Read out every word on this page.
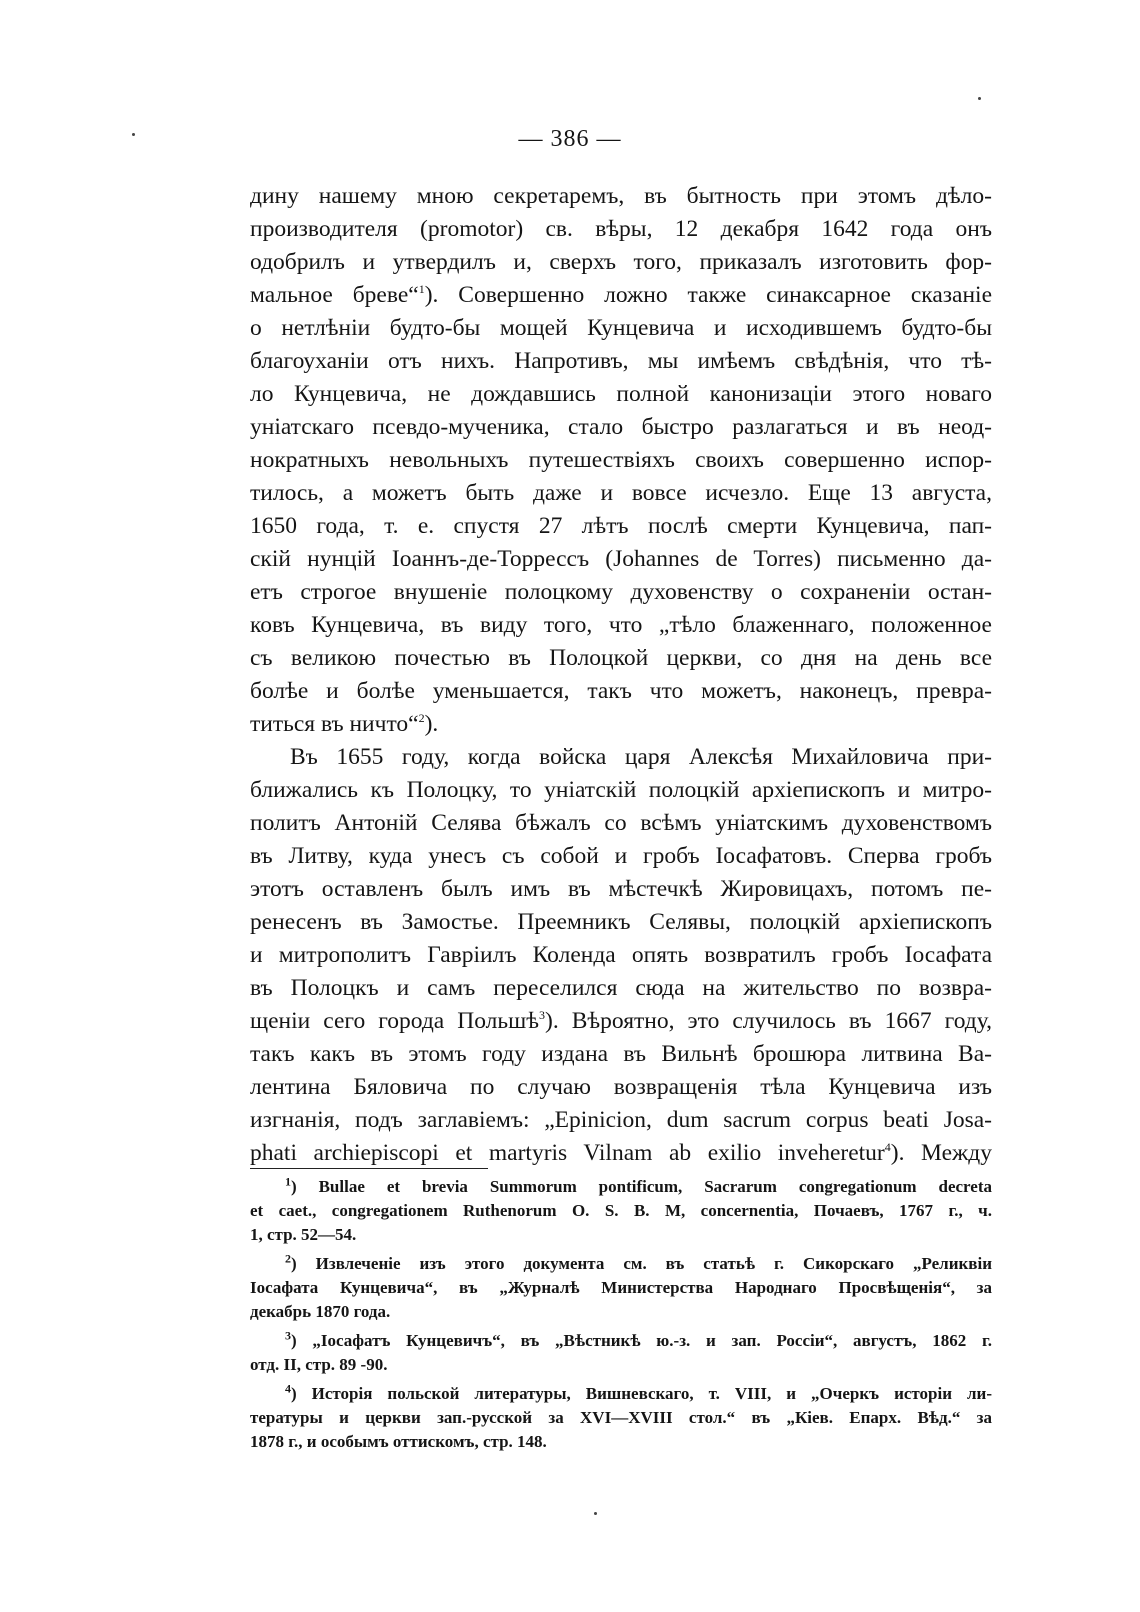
— 386 —
дину нашему мною секретаремъ, въ бытность при этомъ дѣло-
производителя (promotor) св. вѣры, 12 декабря 1642 года онъ
одобрилъ и утвердилъ и, сверхъ того, приказалъ изготовить фор-
мальное бреве“$^1$). Совершенно ложно также синаксарное сказаніе
о нетлѣніи будто-бы мощей Кунцевича и исходившемъ будто-бы
благоуханіи отъ нихъ. Напротивъ, мы имѣемъ свѣдѣнія, что тѣ-
ло Кунцевича, не дождавшись полной канонизаціи этого новаго
уніатскаго псевдо-мученика, стало быстро разлагаться и въ неод-
нократныхъ невольныхъ путешествіяхъ своихъ совершенно испор-
тилось, а можетъ быть даже и вовсе исчезло. Еще 13 августа,
1650 года, т. е. спустя 27 лѣтъ послѣ смерти Кунцевича, пап-
скій нунцій Іоаннъ-де-Торрессъ (Johannes de Torres) письменно да-
етъ строгое внушеніе полоцкому духовенству о сохраненіи остан-
ковъ Кунцевича, въ виду того, что „тѣло блаженнаго, положенное
съ великою почестью въ Полоцкой церкви, со дня на день все
болѣе и болѣе уменьшается, такъ что можетъ, наконецъ, превра-
титься въ ничто“$^2$).
Въ 1655 году, когда войска царя Алексѣя Михайловича при-
ближались къ Полоцку, то уніатскій полоцкій архіепископъ и митро-
политъ Антоній Селява бѣжалъ со всѣмъ уніатскимъ духовенствомъ
въ Литву, куда унесъ съ собой и гробъ Іосафатовъ. Сперва гробъ
этотъ оставленъ былъ имъ въ мѣстечкѣ Жировицахъ, потомъ пе-
ренесенъ въ Замостье. Преемникъ Селявы, полоцкій архіепископъ
и митрополитъ Гавріилъ Коленда опять возвратилъ гробъ Іосафата
въ Полоцкъ и самъ переселился сюда на жительство по возвра-
щеніи сего города Польшѣ$^3$). Вѣроятно, это случилось въ 1667 году,
такъ какъ въ этомъ году издана въ Вильнѣ брошюра литвина Ва-
лентина Бяловича по случаю возвращенія тѣла Кунцевича изъ
изгнанія, подъ заглавіемъ: „Epinicion, dum sacrum corpus beati Josa-
phati archiepiscopi et martyris Vilnam ab exilio inveheretur$^4$). Между
$^1$) Bullae et brevia Summorum pontificum, Sacrarum congregationum decreta
et caet., congregationem Ruthenorum O. S. B. M, concernentia, Почаевъ, 1767 г., ч.
1, стр. 52—54.
$^2$) Извлеченіе изъ этого документа см. въ статьѣ г. Сикорскаго „Реликвіи
Іосафата Кунцевича“, въ „Журналѣ Министерства Народнаго Просвѣщенія“, за
декабрь 1870 года.
$^3$) „Іосафатъ Кунцевичъ“, въ „Вѣстникѣ ю.-з. и зап. Россіи“, августъ, 1862 г.
отд. II, стр. 89 -90.
$^4$) Исторія польской литературы, Вишневскаго, т. VIII, и „Очеркъ исторіи ли-
тературы и церкви зап.-русской за XVI—XVIII стол.“ въ „Кіев. Епарх. Вѣд.“ за
1878 г., и особымъ оттискомъ, стр. 148.
